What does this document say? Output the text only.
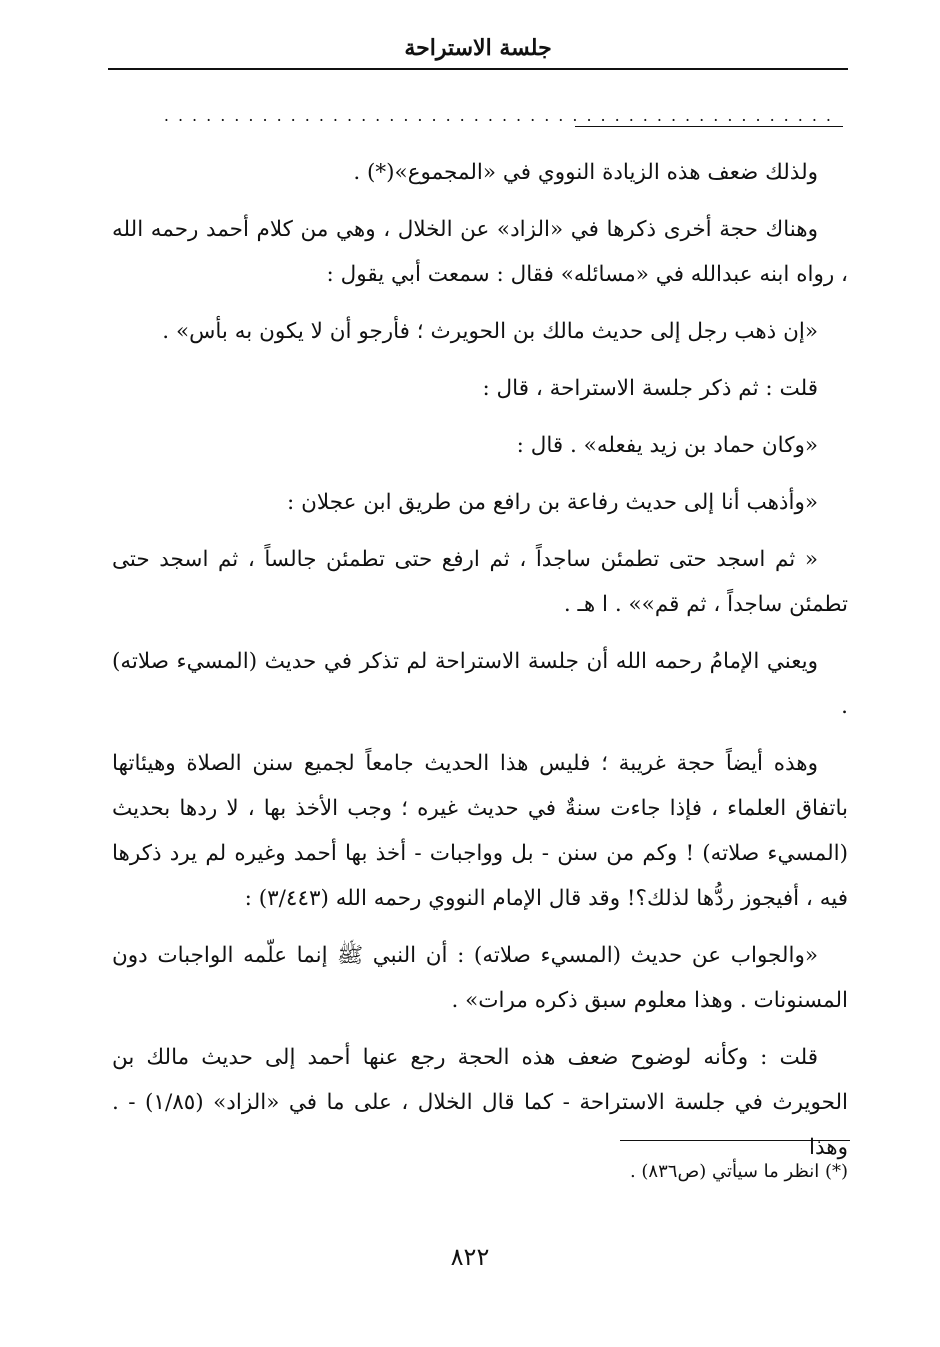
جلسة الاستراحة
................................................

ولذلك ضعف هذه الزيادة النووي في «المجموع»(*) .

وهناك حجة أخرى ذكرها في «الزاد» عن الخلال ، وهي من كلام أحمد رحمه الله ، رواه ابنه عبدالله في «مسائله» فقال : سمعت أبي يقول :

«إن ذهب رجل إلى حديث مالك بن الحويرث ؛ فأرجو أن لا يكون به بأس» .

قلت : ثم ذكر جلسة الاستراحة ، قال :

«وكان حماد بن زيد يفعله» . قال :

«وأذهب أنا إلى حديث رفاعة بن رافع من طريق ابن عجلان :

« ثم اسجد حتى تطمئن ساجداً ، ثم ارفع حتى تطمئن جالساً ، ثم اسجد حتى تطمئن ساجداً ، ثم قم»» . ا هـ .

ويعني الإمامُ رحمه الله أن جلسة الاستراحة لم تذكر في حديث (المسيء صلاته) .

وهذه أيضاً حجة غريبة ؛ فليس هذا الحديث جامعاً لجميع سنن الصلاة وهيئاتها باتفاق العلماء ، فإذا جاءت سنةٌ في حديث غيره ؛ وجب الأخذ بها ، لا ردها بحديث (المسيء صلاته) ! وكم من سنن - بل وواجبات - أخذ بها أحمد وغيره لم يرد ذكرها فيه ، أفيجوز ردُّها لذلك؟! وقد قال الإمام النووي رحمه الله (٣/٤٤٣) :

«والجواب عن حديث (المسيء صلاته) : أن النبي ﷺ إنما علّمه الواجبات دون المسنونات . وهذا معلوم سبق ذكره مرات» .

قلت : وكأنه لوضوح ضعف هذه الحجة رجع عنها أحمد إلى حديث مالك بن الحويرث في جلسة الاستراحة - كما قال الخلال ، على ما في «الزاد» (١/٨٥) - . وهذا

(*) انظر ما سيأتي (ص٨٣٦) .
٨٢٢
